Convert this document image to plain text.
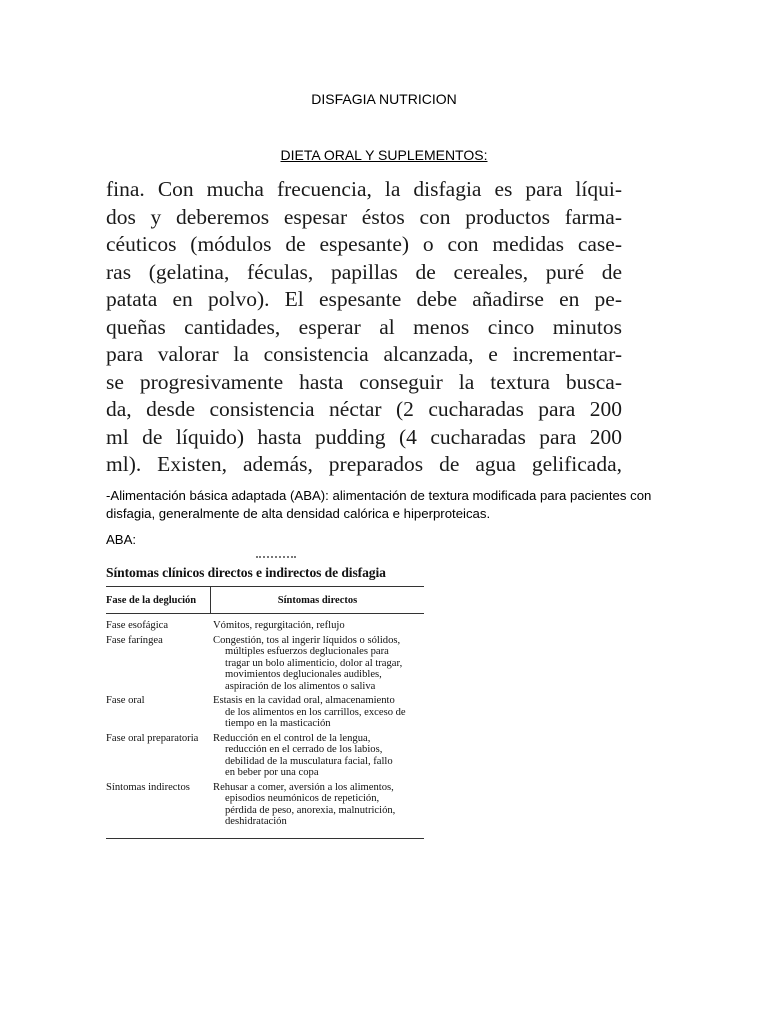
DISFAGIA NUTRICION
DIETA ORAL Y SUPLEMENTOS:
fina. Con mucha frecuencia, la disfagia es para líqui-
dos y deberemos espesar éstos con productos farma-
céuticos (módulos de espesante) o con medidas case-
ras (gelatina, féculas, papillas de cereales, puré de
patata en polvo). El espesante debe añadirse en pe-
queñas cantidades, esperar al menos cinco minutos
para valorar la consistencia alcanzada, e incrementar-
se progresivamente hasta conseguir la textura busca-
da, desde consistencia néctar (2 cucharadas para 200
ml de líquido) hasta pudding (4 cucharadas para 200
ml). Existen, además, preparados de agua gelificada,
-Alimentación básica adaptada (ABA): alimentación de textura modificada para pacientes con disfagia, generalmente de alta densidad calórica e hiperproteicas.
ABA:
Síntomas clínicos directos e indirectos de disfagia
Fase de la deglución	Síntomas directos
Fase esofágica	Vómitos, regurgitación, reflujo
Fase faríngea	Congestión, tos al ingerir líquidos o sólidos,
múltiples esfuerzos deglucionales para
tragar un bolo alimenticio, dolor al tragar,
movimientos deglucionales audibles,
aspiración de los alimentos o saliva
Fase oral	Estasis en la cavidad oral, almacenamiento
de los alimentos en los carrillos, exceso de
tiempo en la masticación
Fase oral preparatoria	Reducción en el control de la lengua,
reducción en el cerrado de los labios,
debilidad de la musculatura facial, fallo
en beber por una copa
Síntomas indirectos	Rehusar a comer, aversión a los alimentos,
episodios neumónicos de repetición,
pérdida de peso, anorexia, malnutrición,
deshidratación
